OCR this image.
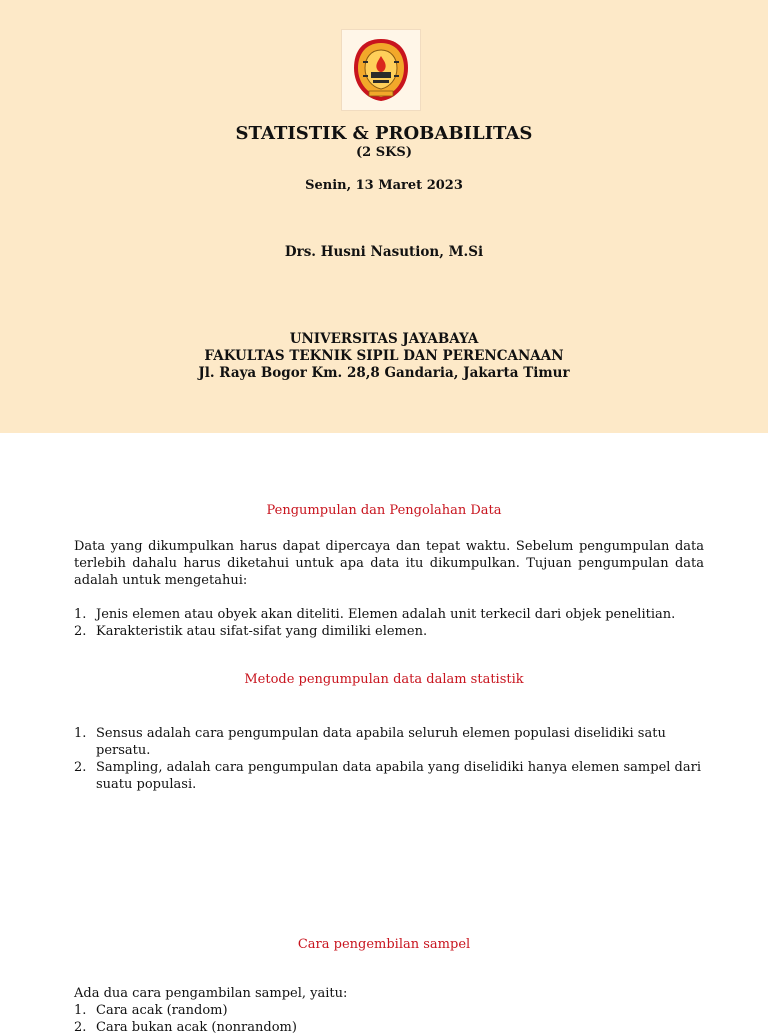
STATISTIK & PROBABILITAS
(2 SKS)
Senin, 13 Maret 2023
Drs. Husni Nasution, M.Si
UNIVERSITAS JAYABAYA
FAKULTAS TEKNIK SIPIL DAN PERENCANAAN
Jl. Raya Bogor Km. 28,8 Gandaria, Jakarta Timur
Pengumpulan dan Pengolahan Data
Data yang dikumpulkan harus dapat dipercaya dan tepat waktu. Sebelum pengumpulan data terlebih dahalu harus diketahui untuk apa data itu dikumpulkan. Tujuan pengumpulan data adalah untuk mengetahui:
1. Jenis elemen atau obyek akan diteliti. Elemen adalah unit terkecil dari objek penelitian.
2. Karakteristik atau sifat-sifat yang dimiliki elemen.
Metode pengumpulan data dalam statistik
1. Sensus adalah cara pengumpulan data apabila seluruh elemen populasi diselidiki satu persatu.
2. Sampling, adalah cara pengumpulan data apabila yang diselidiki hanya elemen sampel dari suatu populasi.
Cara pengembilan sampel
Ada dua cara pengambilan sampel, yaitu:
1. Cara acak (random)
2. Cara bukan acak (nonrandom)
